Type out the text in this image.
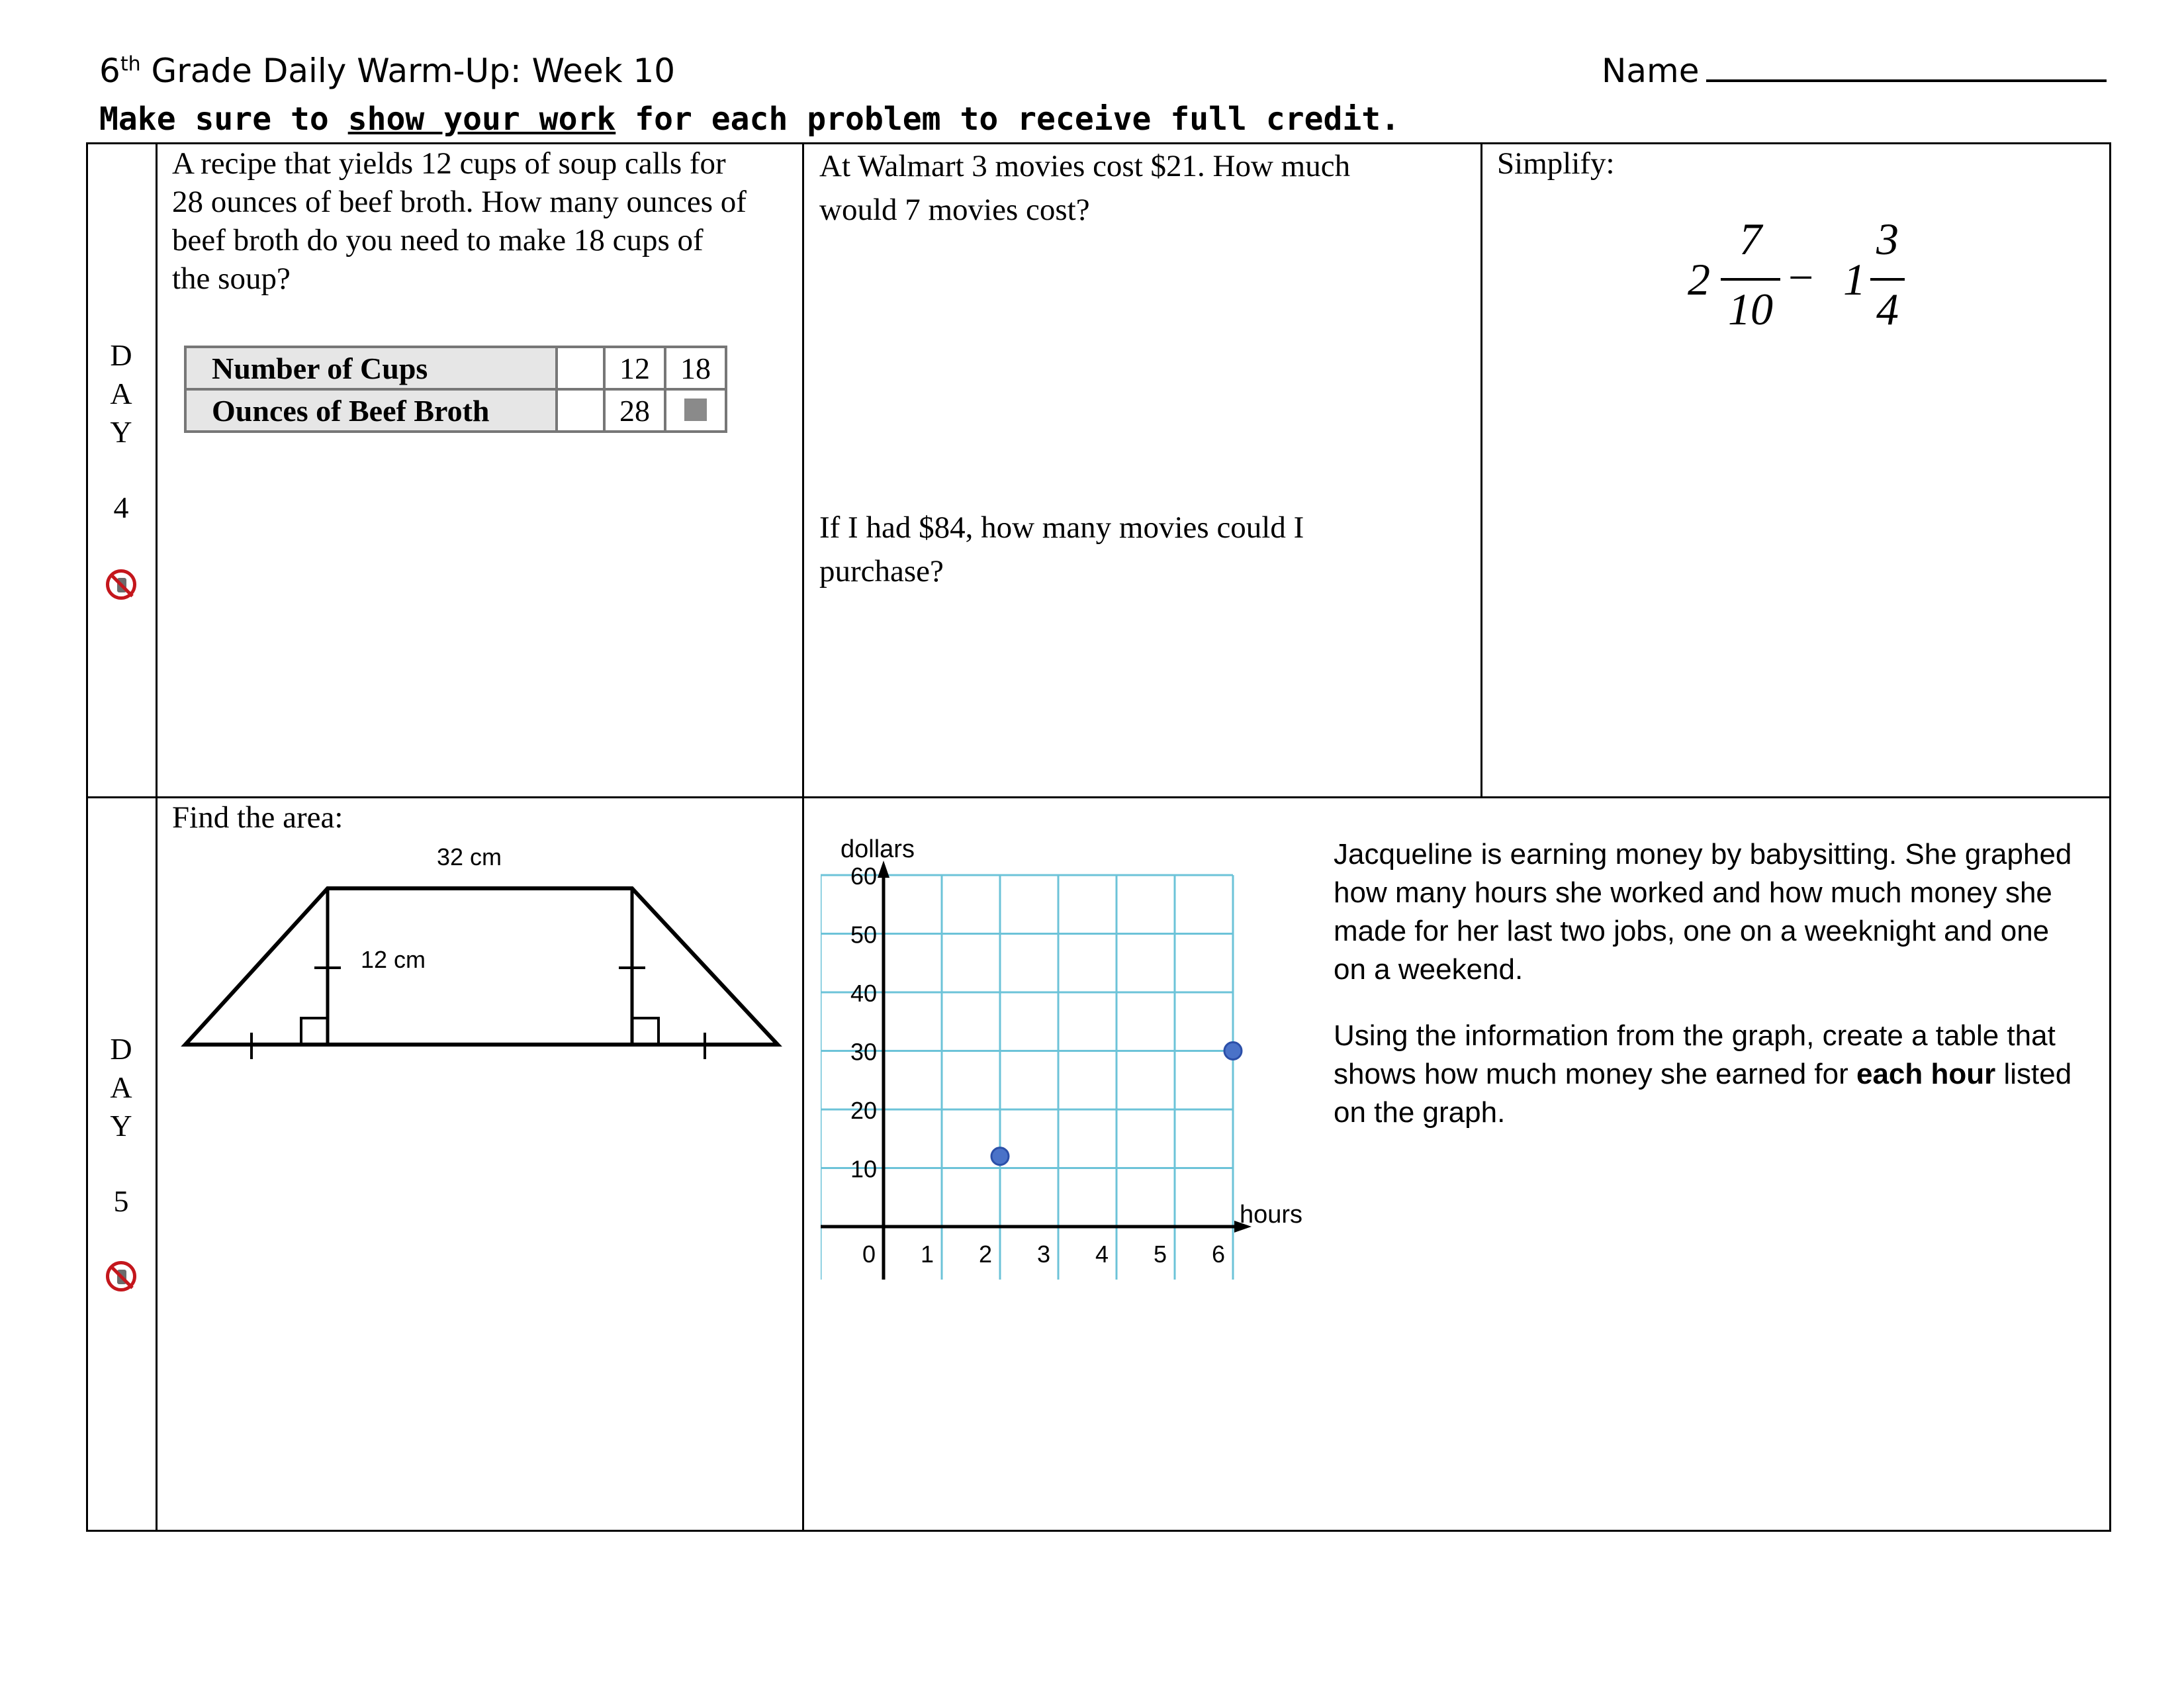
6th Grade Daily Warm-Up: Week 10	Name
Make sure to show your work for each problem to receive full credit.
D
A
Y
4
A recipe that yields 12 cups of soup calls for
28 ounces of beef broth. How many ounces of
beef broth do you need to make 18 cups of
the soup?
Number of Cups		12	18
Ounces of Beef Broth		28	
At Walmart 3 movies cost $21. How much
would 7 movies cost?
If I had $84, how many movies could I
purchase?
Simplify:
2
7
10
− 1
3
4
D
A
Y
5
Find the area:
32 cm
12 cm
dollars
hours
60
50
40
30
20
10
0 1 2 3 4 5 6
Jacqueline is earning money by babysitting. She graphed
how many hours she worked and how much money she
made for her last two jobs, one on a weeknight and one
on a weekend.
Using the information from the graph, create a table that
shows how much money she earned for each hour listed
on the graph.
